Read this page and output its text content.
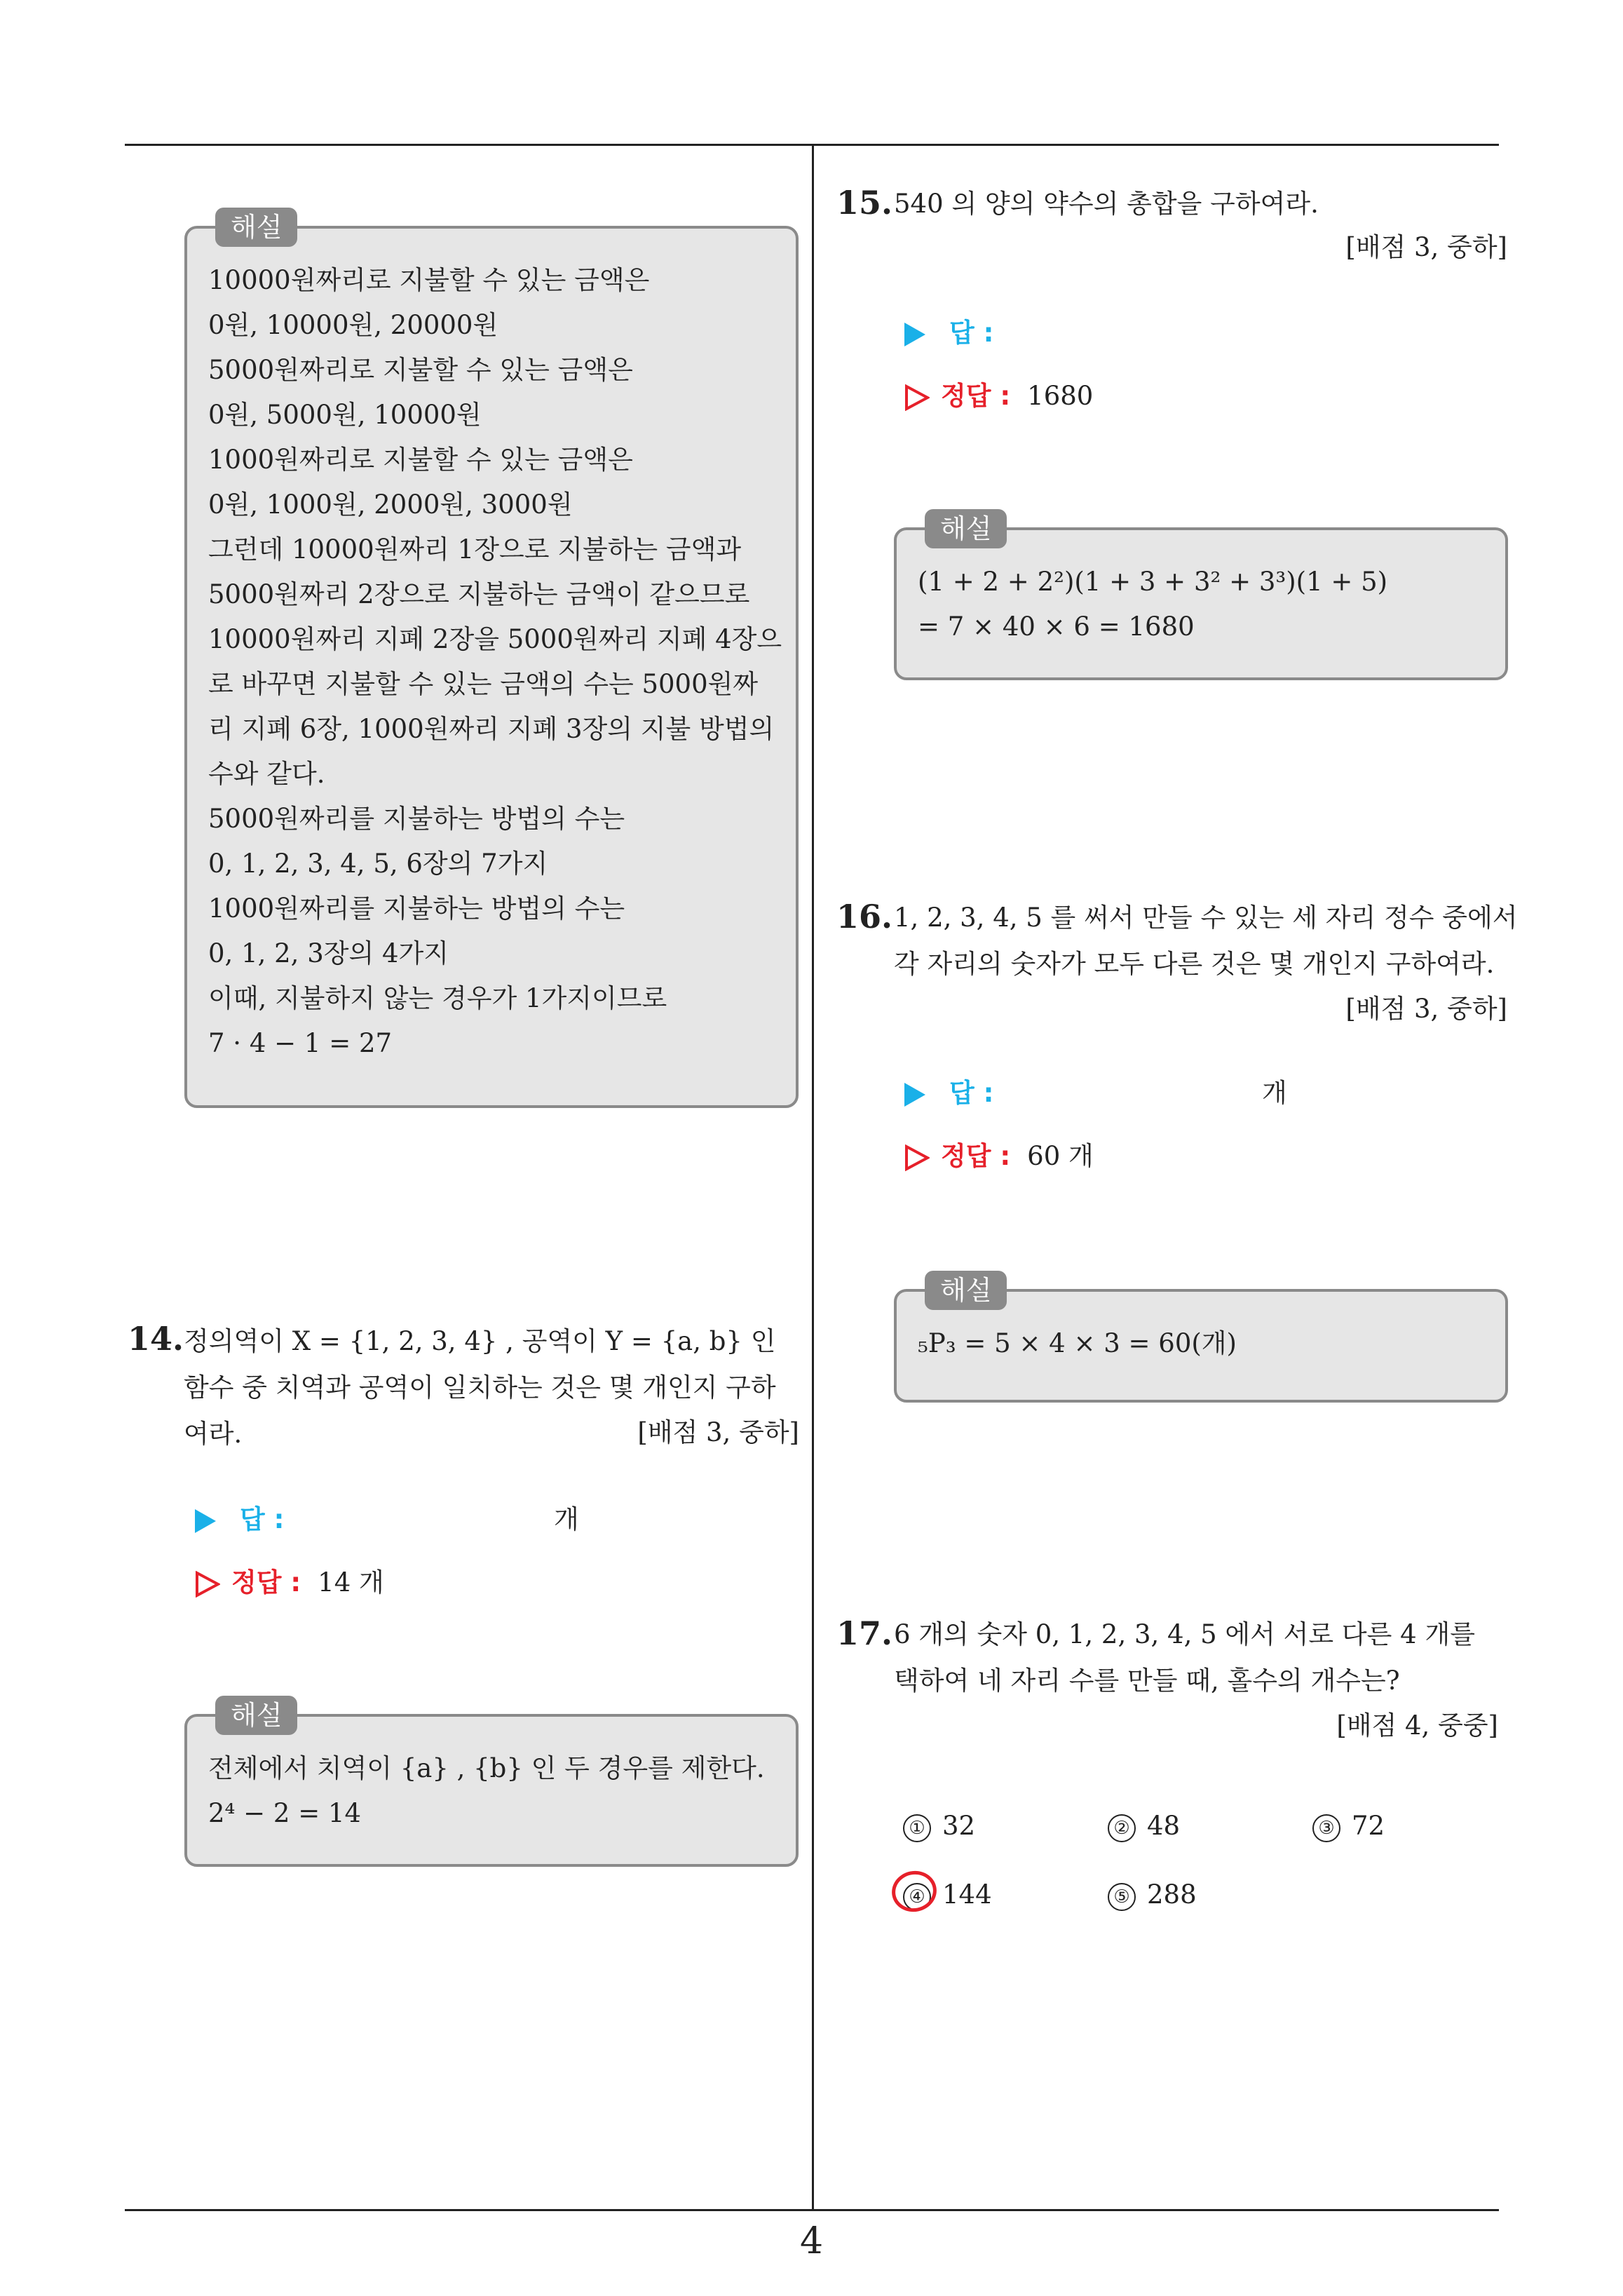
해설
10000원짜리로 지불할 수 있는 금액은
0원, 10000원, 20000원
5000원짜리로 지불할 수 있는 금액은
0원, 5000원, 10000원
1000원짜리로 지불할 수 있는 금액은
0원, 1000원, 2000원, 3000원
그런데 10000원짜리 1장으로 지불하는 금액과
5000원짜리 2장으로 지불하는 금액이 같으므로
10000원짜리 지폐 2장을 5000원짜리 지폐 4장으
로 바꾸면 지불할 수 있는 금액의 수는 5000원짜
리 지폐 6장, 1000원짜리 지폐 3장의 지불 방법의
수와 같다.
5000원짜리를 지불하는 방법의 수는
0, 1, 2, 3, 4, 5, 6장의 7가지
1000원짜리를 지불하는 방법의 수는
0, 1, 2, 3장의 4가지
이때, 지불하지 않는 경우가 1가지이므로
7 · 4 − 1 = 27
14. 정의역이 X = {1, 2, 3, 4} , 공역이 Y = {a, b} 인
함수 중 치역과 공역이 일치하는 것은 몇 개인지 구하
여라.	[배점 3, 중하]
답 :	개
정답 : 14 개
해설
전체에서 치역이 {a} , {b} 인 두 경우를 제한다.
2⁴ − 2 = 14
15. 540 의 양의 약수의 총합을 구하여라.
[배점 3, 중하]
답 :
정답 : 1680
해설
(1 + 2 + 2²)(1 + 3 + 3² + 3³)(1 + 5)
= 7 × 40 × 6 = 1680
16. 1, 2, 3, 4, 5 를 써서 만들 수 있는 세 자리 정수 중에서
각 자리의 숫자가 모두 다른 것은 몇 개인지 구하여라.
[배점 3, 중하]
답 :	개
정답 : 60 개
해설
₅P₃ = 5 × 4 × 3 = 60(개)
17. 6 개의 숫자 0, 1, 2, 3, 4, 5 에서 서로 다른 4 개를
택하여 네 자리 수를 만들 때, 홀수의 개수는?
[배점 4, 중중]
① 32	② 48	③ 72
④ 144	⑤ 288
4
